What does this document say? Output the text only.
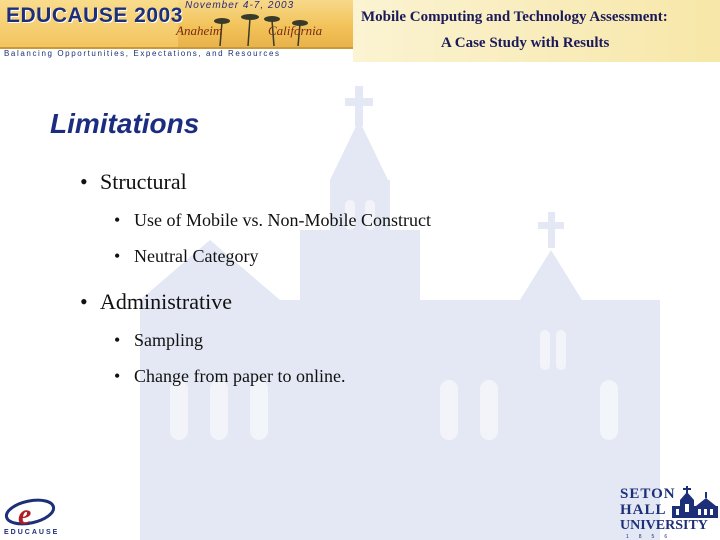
EDUCAUSE 2003 November 4-7, 2003
Anaheim	California
Balancing Opportunities, Expectations, and Resources
Mobile Computing and Technology Assessment:
A Case Study with Results
Limitations
• Structural
• Use of Mobile vs. Non-Mobile Construct
• Neutral Category
• Administrative
• Sampling
• Change from paper to online.
e
EDUCAUSE
SETON
HALL
UNIVERSITY
1856
